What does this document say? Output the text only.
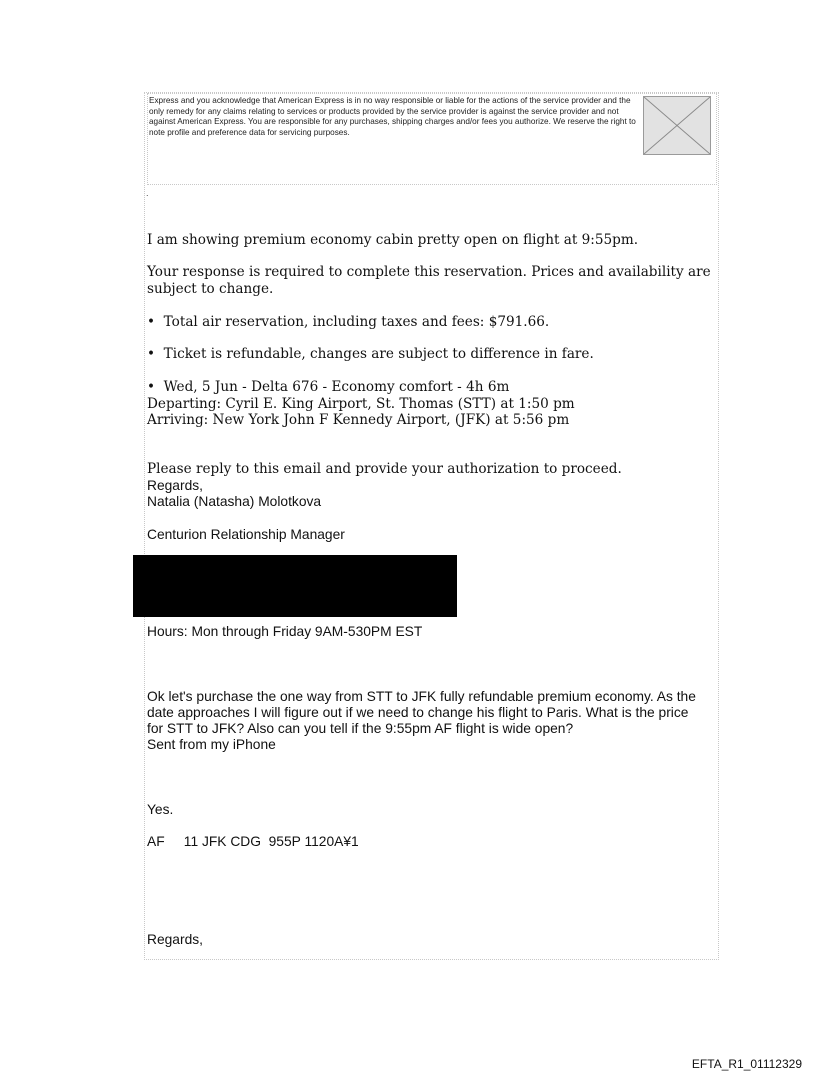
Express and you acknowledge that American Express is in no way responsible or liable for the actions of the service provider and the only remedy for any claims relating to services or products provided by the service provider is against the service provider and not against American Express. You are responsible for any purchases, shipping charges and/or fees you authorize. We reserve the right to note profile and preference data for servicing purposes.

.

I am showing premium economy cabin pretty open on flight at 9:55pm.

Your response is required to complete this reservation. Prices and availability are

subject to change.

•  Total air reservation, including taxes and fees: $791.66.

•  Ticket is refundable, changes are subject to difference in fare.

•  Wed, 5 Jun - Delta 676 - Economy comfort - 4h 6m

Departing: Cyril E. King Airport, St. Thomas (STT) at 1:50 pm

Arriving: New York John F Kennedy Airport, (JFK) at 5:56 pm

Please reply to this email and provide your authorization to proceed.

Regards,

Natalia (Natasha) Molotkova

Centurion Relationship Manager

Hours: Mon through Friday 9AM-530PM EST

Ok let's purchase the one way from STT to JFK fully refundable premium economy. As the

date approaches I will figure out if we need to change his flight to Paris. What is the price

for STT to JFK? Also can you tell if the 9:55pm AF flight is wide open?

Sent from my iPhone

Yes.

AF     11 JFK CDG  955P 1120A¥1

Regards,

EFTA_R1_01112329
